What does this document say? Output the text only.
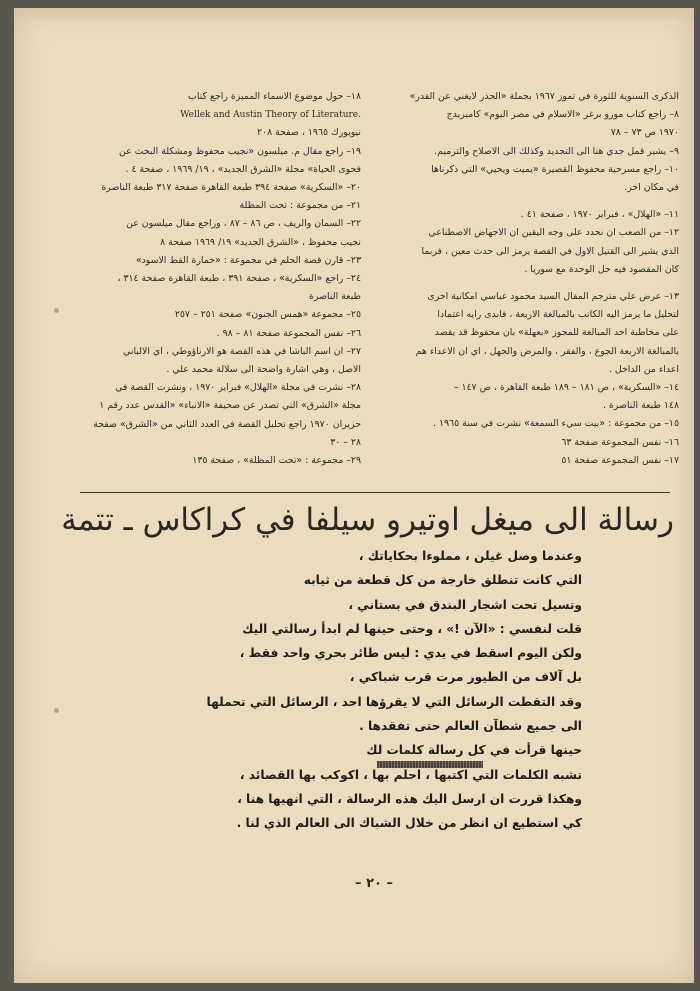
الذكرى السنوية للثورة في تموز ١٩٦٧ بجملة «الحذر لايغني عن القدر»
٨– راجع كتاب مورو برغر «الاسلام في مصر اليوم» كامبريدج
١٩٧٠ ص ٧٣ – ٧٨
٩– يشير قمل جدي هنا الى التجديد وكذلك الى الاصلاح والترميم.
١٠– راجع مسرحية محفوظ القصيرة «يميت ويحيي» التي ذكرناها
في مكان اخر.
١١– «الهلال» ، فبراير ١٩٧٠ ، صفحة ٤١ .
١٢– من الصعب ان نحدد على وجه اليقين ان الاجهاض الاصطناعي
الذي يشير الى القتيل الاول في القصة يرمز الى حدث معين ، فربما
كان المقصود فيه حل الوحدة مع سوريا .
١٣– عرض علي مترجم المقال السيد محمود عباسي امكانية اخرى
لتحليل ما يرمز اليه الكاتب بالمبالغة الاربعة ، فابدى رايه اعتمادا
على مخاطبة احد المبالغة للمجوز «بعهلة» بان محفوظ قد يقصد
بالمبالغة الاربعة الجوع ، والفقر ، والمرض والجهل ، اي ان الاعداء هم
اعداء من الداخل .
١٤– «السكرية» ، ص ١٨١ – ١٨٩ طبعة القاهرة ، ص ١٤٧ –
١٤٨ طبعة الناصرة .
١٥– من مجموعة : «بيت سيء السمعة» نشرت في سنة ١٩٦٥ .
١٦– نفس المجموعة صفحة ٦٣
١٧– نفس المجموعة صفحة ٥١
١٨– حول موضوع الاسماء المميزة راجع كتاب
Wellek and Austin Theory of Literature.
نيويورك ١٩٦٥ ، صفحة ٢٠٨
١٩– راجع مقال م. ميلسون «نجيب محفوظ ومشكلة البحث عن
فحوى الحياة» مجلة «الشرق الجديد» ، ١٩/ ١٩٦٩ ، صفحة ٤ .
٢٠– «السكرية» صفحة ٣٩٤ طبعة القاهرة صفحة ٣١٧ طبعة الناصرة
٢١– من مجموعة : تحت المظلة
٢٢– السمان والريف ، ص ٨٦ – ٨٧ ، وراجع مقال ميلسون عن
نجيب محفوظ ، «الشرق الجديد» ١٩/ ١٩٦٩ صفحة ٨
٢٣– قارن قصة الحلم في مجموعة : «خمارة القط الاسود»
٢٤– راجع «السكرية» ، صفحة ٣٩١ ، طبعة القاهرة صفحة ٣١٤ ،
طبعة الناصرة
٢٥– مجموعة «همس الجنون» صفحة ٢٥١ – ٢٥٧
٢٦– نفس المجموعة صفحة ٨١ – ٩٨ .
٢٧– ان اسم الباشا في هذه القصة هو الارناؤوطي ، اي الالباني
الاصل ، وهي اشارة واضحة الى سلالة محمد علي .
٢٨– نشرت في مجلة «الهلال» فبراير ١٩٧٠ ، ونشرت القصة في
مجلة «الشرق» التي تصدر عن صحيفة «الانباء» «القدس عدد رقم ١
حزيران ١٩٧٠ راجع تحليل القصة في العدد الثاني من «الشرق» صفحة
٢٨ – ٣٠
٢٩– مجموعة : «تحت المظلة» ، صفحة ١٣٥
رسالة الى ميغل اوتيرو سيلفا في كراكاس ـ تتمة
وعندما وصل غيلن ، مملوءا بحكاياتك ،
التي كانت تنطلق خارجة من كل قطعة من ثيابه
وتسيل تحت اشجار البندق في بستاني ،
قلت لنفسي : «الآن !» ، وحتى حينها لم ابدأ رسالتي اليك
ولكن اليوم اسقط في يدي : ليس طائر بحري واحد فقط ،
بل آلاف من الطيور مرت قرب شباكي ،
وقد التقطت الرسائل التي لا يقرؤها احد ، الرسائل التي تحملها
الى جميع شطآن العالم حتى تفقدها .
حينها قرأت في كل رسالة كلمات لك
تشبه الكلمات التي اكتبها ، احلم بها ، اكوكب بها القصائد ،
وهكذا قررت ان ارسل اليك هذه الرسالة ، التي انهيها هنا ،
كي استطيع ان انظر من خلال الشباك الى العالم الذي لنا .
– ٢٠ –
